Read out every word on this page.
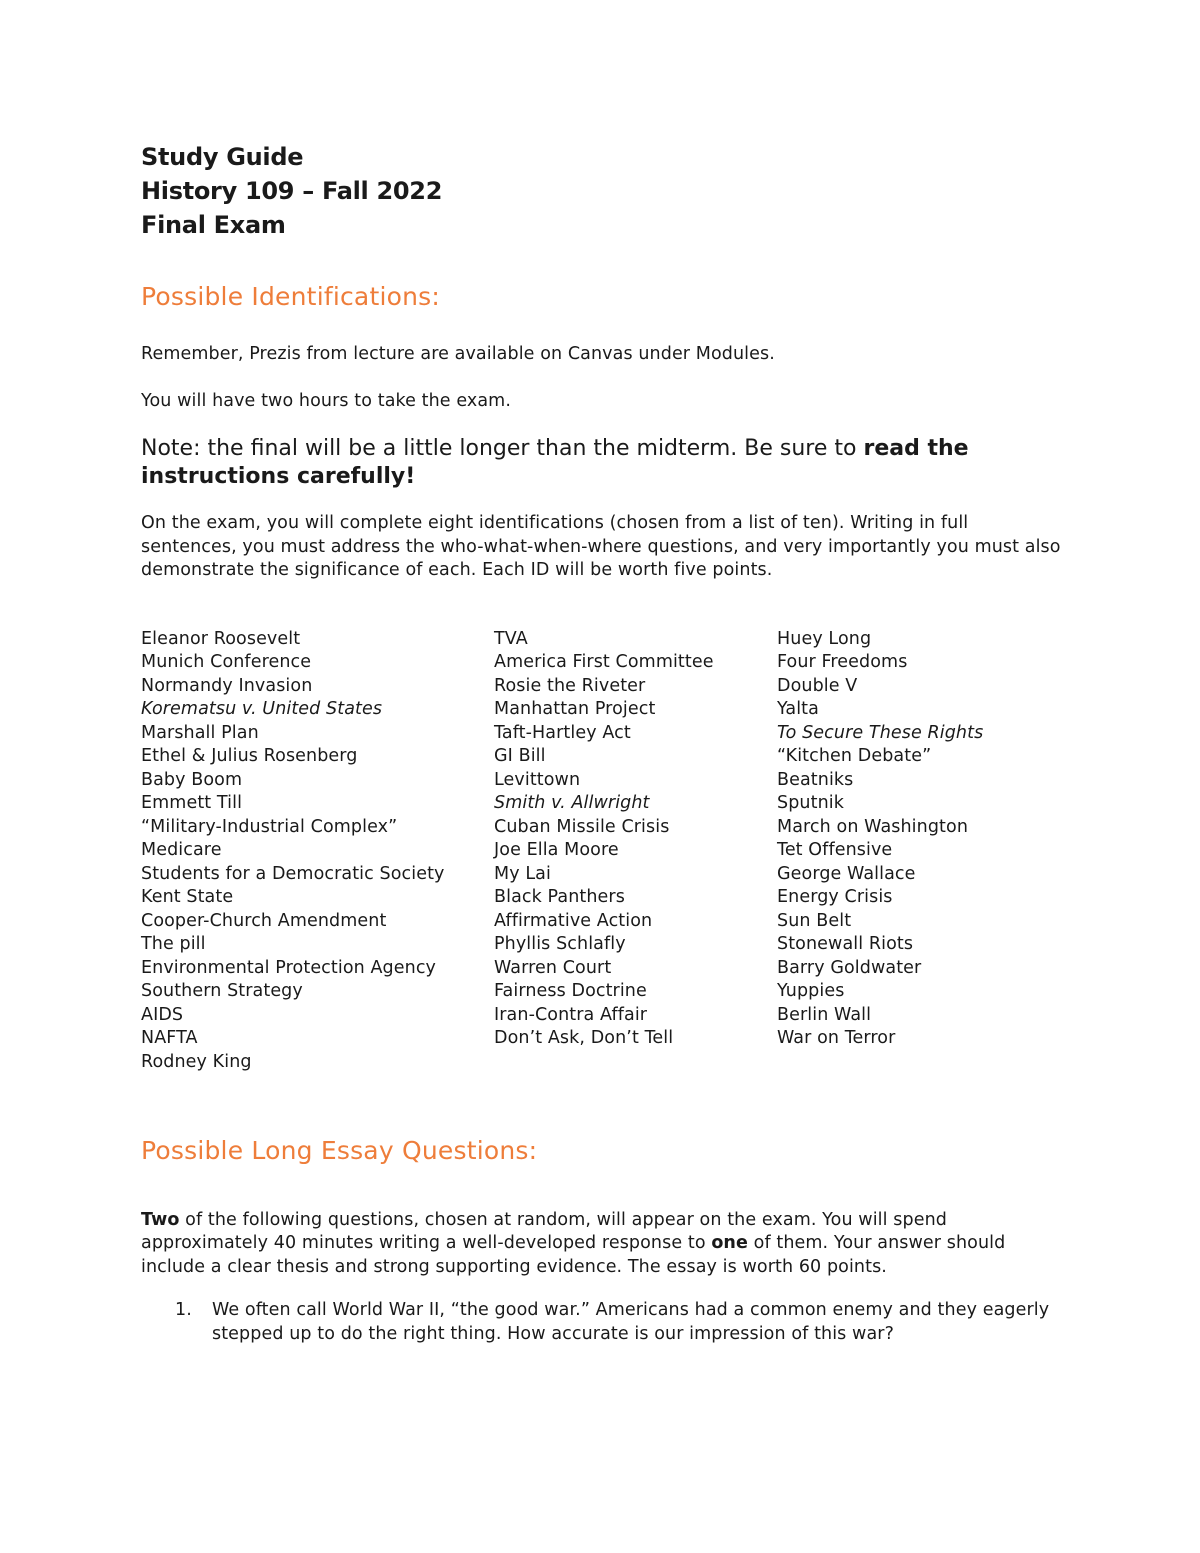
Study Guide
History 109 – Fall 2022
Final Exam
Possible Identifications:

Remember, Prezis from lecture are available on Canvas under Modules.

You will have two hours to take the exam.

Note: the final will be a little longer than the midterm. Be sure to read the instructions carefully!

On the exam, you will complete eight identifications (chosen from a list of ten). Writing in full sentences, you must address the who-what-when-where questions, and very importantly you must also demonstrate the significance of each. Each ID will be worth five points.

Eleanor Roosevelt
Munich Conference
Normandy Invasion
Korematsu v. United States
Marshall Plan
Ethel & Julius Rosenberg
Baby Boom
Emmett Till
“Military-Industrial Complex”
Medicare
Students for a Democratic Society
Kent State
Cooper-Church Amendment
The pill
Environmental Protection Agency
Southern Strategy
AIDS
NAFTA
Rodney King
TVA
America First Committee
Rosie the Riveter
Manhattan Project
Taft-Hartley Act
GI Bill
Levittown
Smith v. Allwright
Cuban Missile Crisis
Joe Ella Moore
My Lai
Black Panthers
Affirmative Action
Phyllis Schlafly
Warren Court
Fairness Doctrine
Iran-Contra Affair
Don’t Ask, Don’t Tell
Huey Long
Four Freedoms
Double V
Yalta
To Secure These Rights
“Kitchen Debate”
Beatniks
Sputnik
March on Washington
Tet Offensive
George Wallace
Energy Crisis
Sun Belt
Stonewall Riots
Barry Goldwater
Yuppies
Berlin Wall
War on Terror
Possible Long Essay Questions:

Two of the following questions, chosen at random, will appear on the exam. You will spend approximately 40 minutes writing a well-developed response to one of them. Your answer should include a clear thesis and strong supporting evidence. The essay is worth 60 points.

1. We often call World War II, “the good war.” Americans had a common enemy and they eagerly stepped up to do the right thing. How accurate is our impression of this war?
